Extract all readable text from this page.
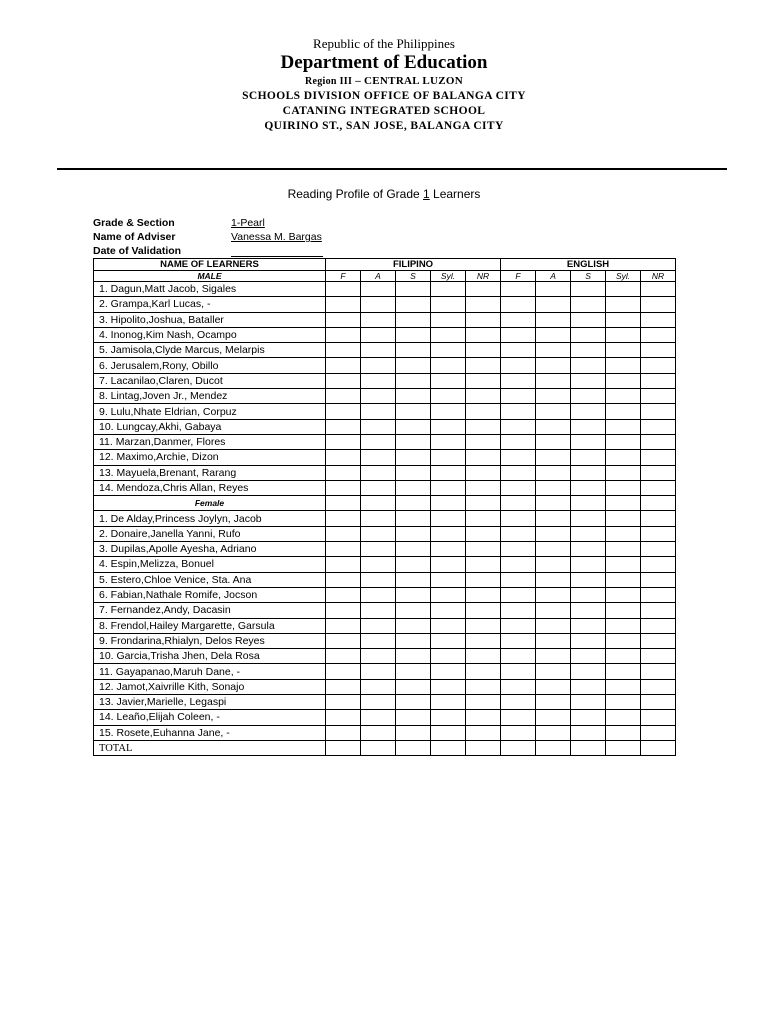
Republic of the Philippines
Department of Education
Region III – CENTRAL LUZON
SCHOOLS DIVISION OFFICE OF BALANGA CITY
CATANING INTEGRATED SCHOOL
QUIRINO ST., SAN JOSE, BALANGA CITY
Reading Profile of Grade 1 Learners
Grade & Section	1-Pearl
Name of Adviser	Vanessa M. Bargas
Date of Validation
NAME OF LEARNERS	FILIPINO					ENGLISH				
MALE	F	A	S	Syl.	NR	F	A	S	Syl.	NR
1. Dagun,Matt Jacob, Sigales										
2. Grampa,Karl Lucas, -										
3. Hipolito,Joshua, Bataller										
4. Inonog,Kim Nash, Ocampo										
5. Jamisola,Clyde Marcus, Melarpis										
6. Jerusalem,Rony, Obillo										
7. Lacanilao,Claren, Ducot										
8. Lintag,Joven Jr., Mendez										
9. Lulu,Nhate Eldrian, Corpuz										
10. Lungcay,Akhi, Gabaya										
11. Marzan,Danmer, Flores										
12. Maximo,Archie, Dizon										
13. Mayuela,Brenant, Rarang										
14. Mendoza,Chris Allan, Reyes										
Female										
1. De Alday,Princess Joylyn, Jacob										
2. Donaire,Janella Yanni, Rufo										
3. Dupilas,Apolle Ayesha, Adriano										
4. Espin,Melizza, Bonuel										
5. Estero,Chloe Venice, Sta. Ana										
6. Fabian,Nathale Romife, Jocson										
7. Fernandez,Andy, Dacasin										
8. Frendol,Hailey Margarette, Garsula										
9. Frondarina,Rhialyn, Delos Reyes										
10. Garcia,Trisha Jhen, Dela Rosa										
11. Gayapanao,Maruh Dane, -										
12. Jamot,Xaivrille Kith, Sonajo										
13. Javier,Marielle, Legaspi										
14. Leaño,Elijah Coleen, -										
15. Rosete,Euhanna Jane, -										
TOTAL										
